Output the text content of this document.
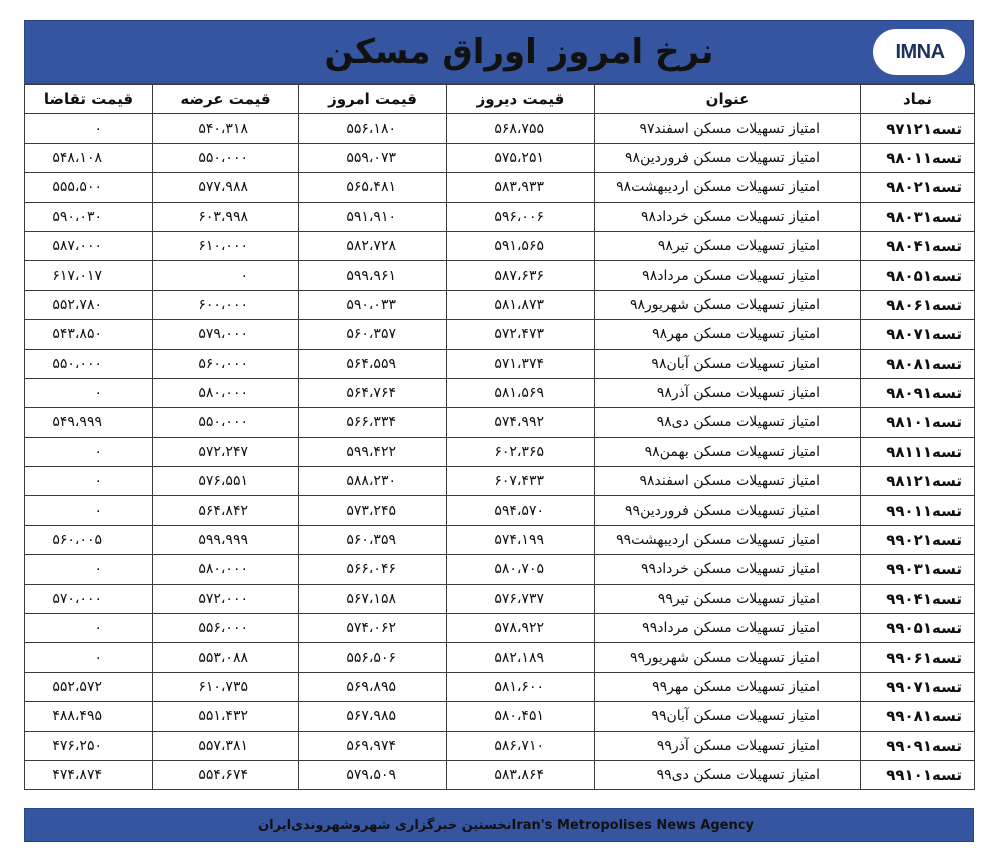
نرخ امروز اوراق مسکن	IMNA
نماد	عنوان	قیمت دیروز	قیمت امروز	قیمت عرضه	قیمت تقاضا
تسه۹۷۱۲۱	امتیاز تسهیلات مسکن اسفند۹۷	۵۶۸،۷۵۵	۵۵۶،۱۸۰	۵۴۰،۳۱۸	۰
تسه۹۸۰۱۱	امتیاز تسهیلات مسکن فروردین۹۸	۵۷۵،۲۵۱	۵۵۹،۰۷۳	۵۵۰،۰۰۰	۵۴۸،۱۰۸
تسه۹۸۰۲۱	امتیاز تسهیلات مسکن اردیبهشت۹۸	۵۸۳،۹۳۳	۵۶۵،۴۸۱	۵۷۷،۹۸۸	۵۵۵،۵۰۰
تسه۹۸۰۳۱	امتیاز تسهیلات مسکن خرداد۹۸	۵۹۶،۰۰۶	۵۹۱،۹۱۰	۶۰۳،۹۹۸	۵۹۰،۰۳۰
تسه۹۸۰۴۱	امتیاز تسهیلات مسکن تیر۹۸	۵۹۱،۵۶۵	۵۸۲،۷۲۸	۶۱۰،۰۰۰	۵۸۷،۰۰۰
تسه۹۸۰۵۱	امتیاز تسهیلات مسکن مرداد۹۸	۵۸۷،۶۳۶	۵۹۹،۹۶۱	۰	۶۱۷،۰۱۷
تسه۹۸۰۶۱	امتیاز تسهیلات مسکن شهریور۹۸	۵۸۱،۸۷۳	۵۹۰،۰۳۳	۶۰۰،۰۰۰	۵۵۲،۷۸۰
تسه۹۸۰۷۱	امتیاز تسهیلات مسکن مهر۹۸	۵۷۲،۴۷۳	۵۶۰،۳۵۷	۵۷۹،۰۰۰	۵۴۳،۸۵۰
تسه۹۸۰۸۱	امتیاز تسهیلات مسکن آبان۹۸	۵۷۱،۳۷۴	۵۶۴،۵۵۹	۵۶۰،۰۰۰	۵۵۰،۰۰۰
تسه۹۸۰۹۱	امتیاز تسهیلات مسکن آذر۹۸	۵۸۱،۵۶۹	۵۶۴،۷۶۴	۵۸۰،۰۰۰	۰
تسه۹۸۱۰۱	امتیاز تسهیلات مسکن دی۹۸	۵۷۴،۹۹۲	۵۶۶،۳۳۴	۵۵۰،۰۰۰	۵۴۹،۹۹۹
تسه۹۸۱۱۱	امتیاز تسهیلات مسکن بهمن۹۸	۶۰۲،۳۶۵	۵۹۹،۴۲۲	۵۷۲،۲۴۷	۰
تسه۹۸۱۲۱	امتیاز تسهیلات مسکن اسفند۹۸	۶۰۷،۴۳۳	۵۸۸،۲۳۰	۵۷۶،۵۵۱	۰
تسه۹۹۰۱۱	امتیاز تسهیلات مسکن فروردین۹۹	۵۹۴،۵۷۰	۵۷۳،۲۴۵	۵۶۴،۸۴۲	۰
تسه۹۹۰۲۱	امتیاز تسهیلات مسکن اردیبهشت۹۹	۵۷۴،۱۹۹	۵۶۰،۳۵۹	۵۹۹،۹۹۹	۵۶۰،۰۰۵
تسه۹۹۰۳۱	امتیاز تسهیلات مسکن خرداد۹۹	۵۸۰،۷۰۵	۵۶۶،۰۴۶	۵۸۰،۰۰۰	۰
تسه۹۹۰۴۱	امتیاز تسهیلات مسکن تیر۹۹	۵۷۶،۷۳۷	۵۶۷،۱۵۸	۵۷۲،۰۰۰	۵۷۰،۰۰۰
تسه۹۹۰۵۱	امتیاز تسهیلات مسکن مرداد۹۹	۵۷۸،۹۲۲	۵۷۴،۰۶۲	۵۵۶،۰۰۰	۰
تسه۹۹۰۶۱	امتیاز تسهیلات مسکن شهریور۹۹	۵۸۲،۱۸۹	۵۵۶،۵۰۶	۵۵۳،۰۸۸	۰
تسه۹۹۰۷۱	امتیاز تسهیلات مسکن مهر۹۹	۵۸۱،۶۰۰	۵۶۹،۸۹۵	۶۱۰،۷۳۵	۵۵۲،۵۷۲
تسه۹۹۰۸۱	امتیاز تسهیلات مسکن آبان۹۹	۵۸۰،۴۵۱	۵۶۷،۹۸۵	۵۵۱،۴۳۲	۴۸۸،۴۹۵
تسه۹۹۰۹۱	امتیاز تسهیلات مسکن آذر۹۹	۵۸۶،۷۱۰	۵۶۹،۹۷۴	۵۵۷،۳۸۱	۴۷۶،۲۵۰
تسه۹۹۱۰۱	امتیاز تسهیلات مسکن دی۹۹	۵۸۳،۸۶۴	۵۷۹،۵۰۹	۵۵۴،۶۷۴	۴۷۴،۸۷۴
نخستین خبرگزاری شهروشهروندی‌ایران Iran's Metropolises News Agency
